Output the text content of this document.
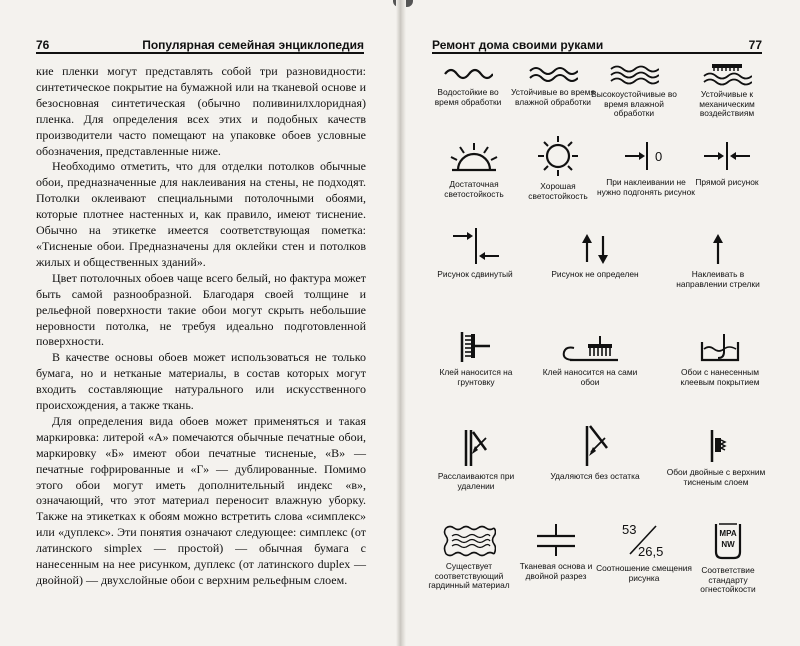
76	Популярная семейная энциклопедия

кие пленки могут представлять собой три разновидности: синтетическое покрытие на бумажной или на тканевой основе и безосновная синтетическая (обычно поливинилхлоридная) пленка. Для определения всех этих и подобных качеств производители часто помещают на упаковке обоев условные обозначения, представленные ниже.

Необходимо отметить, что для отделки потолков обычные обои, предназначенные для наклеивания на стены, не подходят. Потолки оклеивают специальными потолочными обоями, которые плотнее настенных и, как правило, имеют тиснение. Обычно на этикетке имеется соответствующая пометка: «Тисненые обои. Предназначены для оклейки стен и потолков жилых и общественных зданий».

Цвет потолочных обоев чаще всего белый, но фактура может быть самой разнообразной. Благодаря своей толщине и рельефной поверхности такие обои могут скрыть небольшие неровности потолка, не требуя идеально подготовленной поверхности.

В качестве основы обоев может использоваться не только бумага, но и нетканые материалы, в состав которых могут входить составляющие натурального или искусственного происхождения, а также ткань.

Для определения вида обоев может применяться и такая маркировка: литерой «А» помечаются обычные печатные обои, маркировку «Б» имеют обои печатные тисненые, «В» — печатные гофрированные и «Г» — дублированные. Помимо этого обои могут иметь дополнительный индекс «в», означающий, что этот материал переносит влажную уборку. Также на этикетках к обоям можно встретить слова «симплекс» или «дуплекс». Эти понятия означают следующее: симплекс (от латинского simplex — простой) — обычная бумага с нанесенным на нее рисунком, дуплекс (от латинского duplex — двойной) — двухслойные обои с верхним рельефным слоем.

Ремонт дома своими руками	77
Водостойкие во время обработки
Устойчивые во время влажной обработки
Высокоустойчивые во время влажной обработки
Устойчивые к механическим воздействиям
Достаточная светостойкость
Хорошая светостойкость
0
При наклеивании не нужно подгонять рисунок
Прямой рисунок
Рисунок сдвинутый	Рисунок не определен	Наклеивать в направлении стрелки
Клей наносится на грунтовку
Клей наносится на сами обои
Обои с нанесенным клеевым покрытием
Расслаиваются при удалении
Удаляются без остатка	Обои двойные с верхним тисненым слоем
Существует соответствующий гардинный материал
Тканевая основа и двойной разрез
53
26,5
Соотношение смещения рисунка
MPA
NW
Соответствие стандарту огнестойкости
